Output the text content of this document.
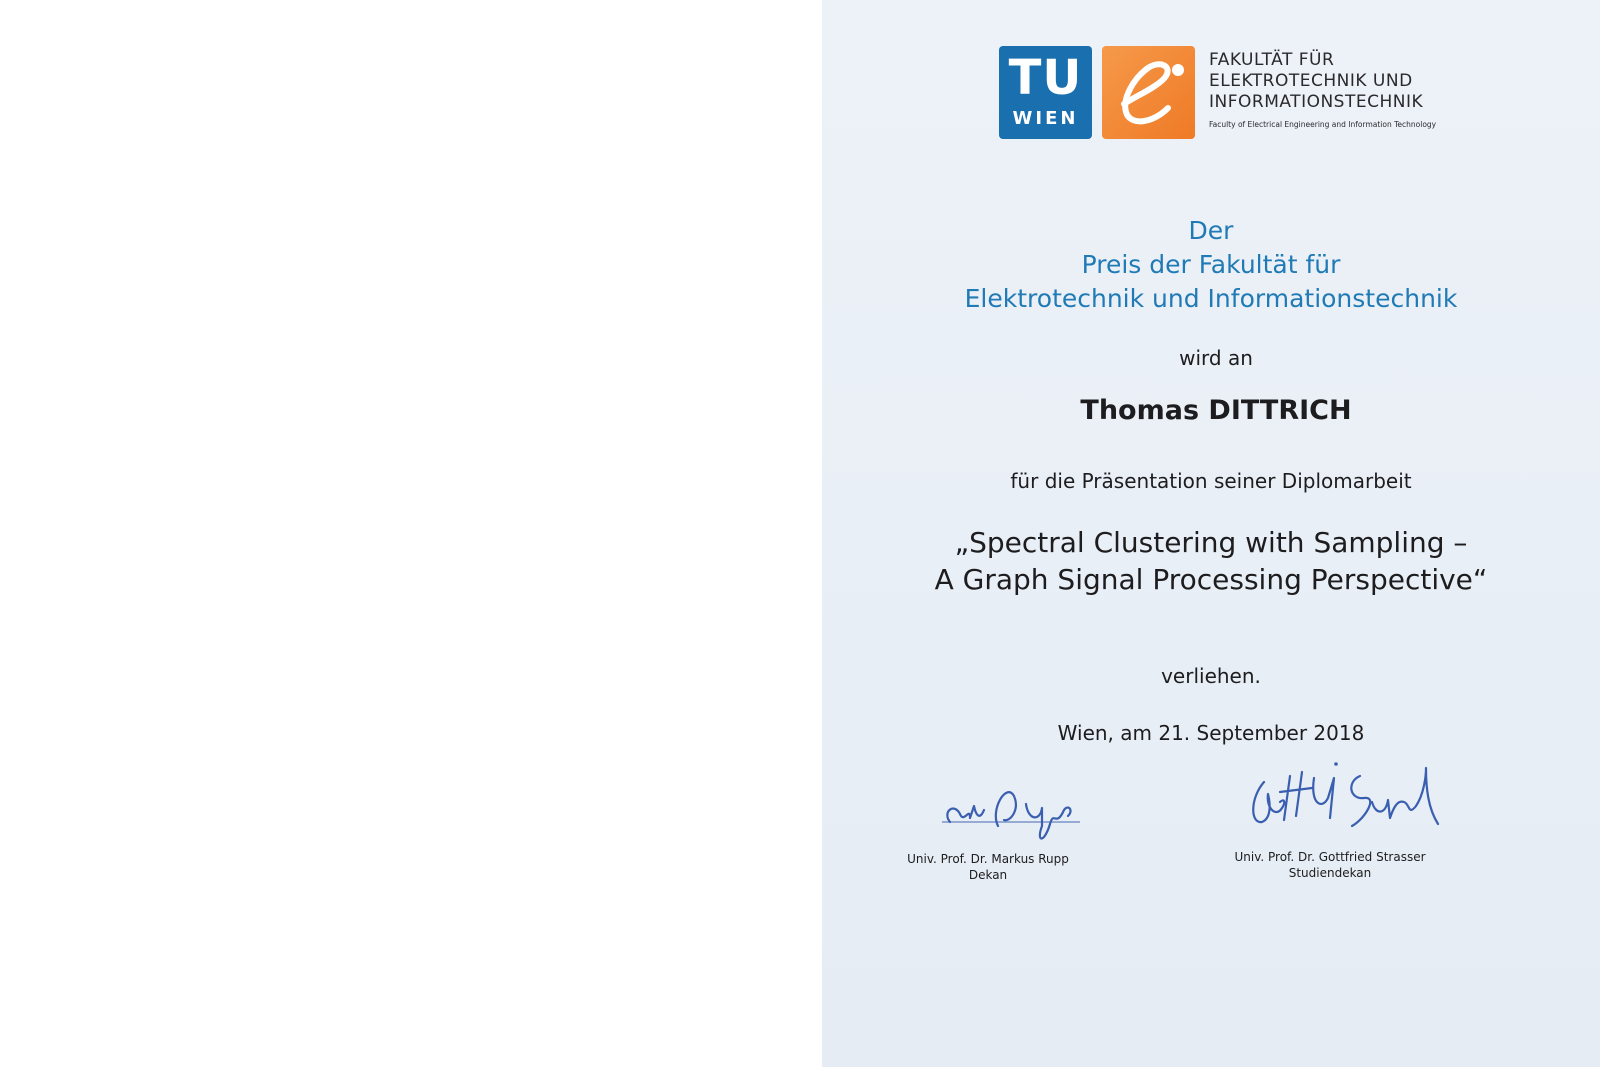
TU
WIEN
FAKULTÄT FÜR
ELEKTROTECHNIK UND
INFORMATIONSTECHNIK
Faculty of Electrical Engineering and Information Technology
Der
Preis der Fakultät für
Elektrotechnik und Informationstechnik
wird an
Thomas DITTRICH
für die Präsentation seiner Diplomarbeit
„Spectral Clustering with Sampling –
A Graph Signal Processing Perspective“
verliehen.
Wien, am 21. September 2018
Univ. Prof. Dr. Markus Rupp
Dekan
Univ. Prof. Dr. Gottfried Strasser
Studiendekan
